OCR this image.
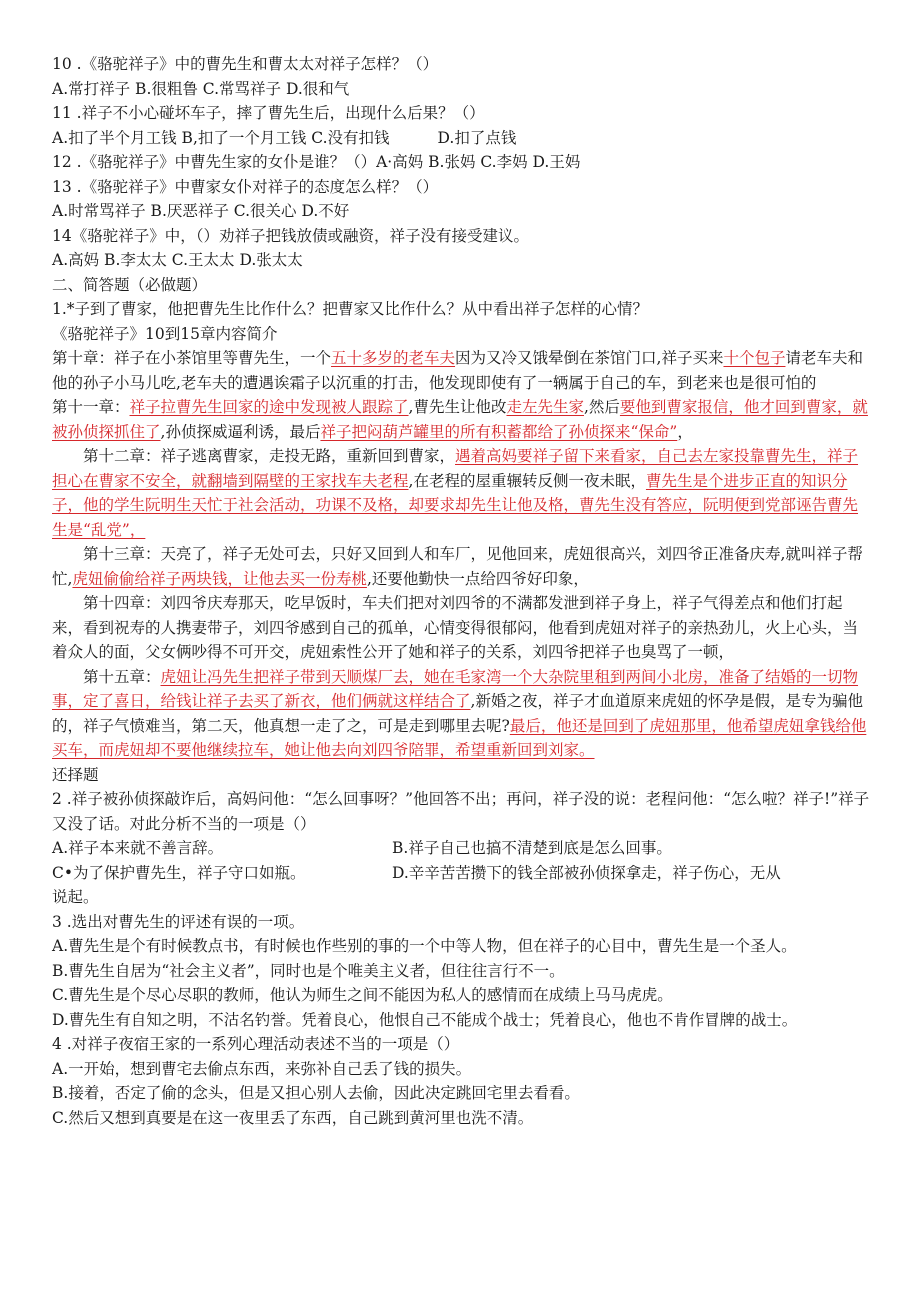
10 .《骆驼祥子》中的曹先生和曹太太对祥子怎样？（）
A.常打祥子 B.很粗鲁 C.常骂祥子 D.很和气
11 .祥子不小心碰坏车子，摔了曹先生后，出现什么后果？（）
A.扣了半个月工钱 B,扣了一个月工钱 C.没有扣钱	D.扣了点钱
12 .《骆驼祥子》中曹先生家的女仆是谁？（）A·高妈 B.张妈 C.李妈 D.王妈
13 .《骆驼祥子》中曹家女仆对祥子的态度怎么样？（）
A.时常骂祥子 B.厌恶祥子 C.很关心 D.不好
14《骆驼祥子》中，（）劝祥子把钱放债或融资，祥子没有接受建议。
A.高妈 B.李太太 C.王太太 D.张太太
二、简答题（必做题）
1.*子到了曹家，他把曹先生比作什么？把曹家又比作什么？从中看出祥子怎样的心情？
《骆驼祥子》10到15章内容简介
第十章：祥子在小茶馆里等曹先生，一个五十多岁的老车夫因为又冷又饿晕倒在茶馆门口,祥子买来十个包子请老车夫和他的孙子小马儿吃,老车夫的遭遇诶霜子以沉重的打击，他发现即使有了一辆属于自己的车，到老来也是很可怕的
第十一章：祥子拉曹先生回家的途中发现被人跟踪了,曹先生让他改走左先生家,然后要他到曹家报信，他才回到曹家，就被孙侦探抓住了,孙侦探威逼利诱，最后祥子把闷葫芦罐里的所有积蓄都给了孙侦探来“保命”，
第十二章：祥子逃离曹家，走投无路，重新回到曹家，遇着高妈要祥子留下来看家，自己去左家投靠曹先生，祥子担心在曹家不安全，就翻墙到隔壁的王家找车夫老程,在老程的屋重辗转反侧一夜未眠，曹先生是个进步正直的知识分子，他的学生阮明生天忙于社会活动，功课不及格，却要求却先生让他及格，曹先生没有答应，阮明便到党部诬告曹先生是“乱党”，
第十三章：天亮了，祥子无处可去，只好又回到人和车厂，见他回来，虎妞很高兴，刘四爷正准备庆寿,就叫祥子帮忙,虎妞偷偷给祥子两块钱，让他去买一份寿桃,还要他勤快一点给四爷好印象，
第十四章：刘四爷庆寿那天，吃早饭时，车夫们把对刘四爷的不满都发泄到祥子身上，祥子气得差点和他们打起来，看到祝寿的人携妻带子，刘四爷感到自己的孤单，心情变得很郁闷，他看到虎妞对祥子的亲热劲儿，火上心头，当着众人的面，父女俩吵得不可开交，虎妞索性公开了她和祥子的关系，刘四爷把祥子也臭骂了一顿，
第十五章：虎妞让冯先生把祥子带到天顺煤厂去，她在毛家湾一个大杂院里租到两间小北房，准备了结婚的一切物事，定了喜日，给钱让祥子去买了新衣，他们俩就这样结合了,新婚之夜，祥子才血道原来虎妞的怀孕是假，是专为骗他的，祥子气愤难当，第二天，他真想一走了之，可是走到哪里去呢?最后，他还是回到了虎妞那里，他希望虎妞拿钱给他买车，而虎妞却不要他继续拉车，她让他去向刘四爷陪罪，希望重新回到刘家。
还择题
2 .祥子被孙侦探敲诈后，高妈问他：“怎么回事呀？”他回答不出；再问，祥子没的说：老程问他：“怎么啦？祥子!”祥子又没了话。对此分析不当的一项是（）
A.祥子本来就不善言辞。	B.祥子自己也搞不清楚到底是怎么回事。
C•为了保护曹先生，祥子守口如瓶。	D.辛辛苦苦攒下的钱全部被孙侦探拿走，祥子伤心，无从
说起。
3 .选出对曹先生的评述有误的一项。
A.曹先生是个有时候教点书，有时候也作些别的事的一个中等人物，但在祥子的心目中，曹先生是一个圣人。
B.曹先生自居为“社会主义者”，同时也是个唯美主义者，但往往言行不一。
C.曹先生是个尽心尽职的教师，他认为师生之间不能因为私人的感情而在成绩上马马虎虎。
D.曹先生有自知之明，不沽名钓誉。凭着良心，他恨自己不能成个战士；凭着良心，他也不肯作冒牌的战士。
4 .对祥子夜宿王家的一系列心理活动表述不当的一项是（）
A.一开始，想到曹宅去偷点东西，来弥补自己丢了钱的损失。
B.接着，否定了偷的念头，但是又担心别人去偷，因此决定跳回宅里去看看。
C.然后又想到真要是在这一夜里丢了东西，自己跳到黄河里也洗不清。
